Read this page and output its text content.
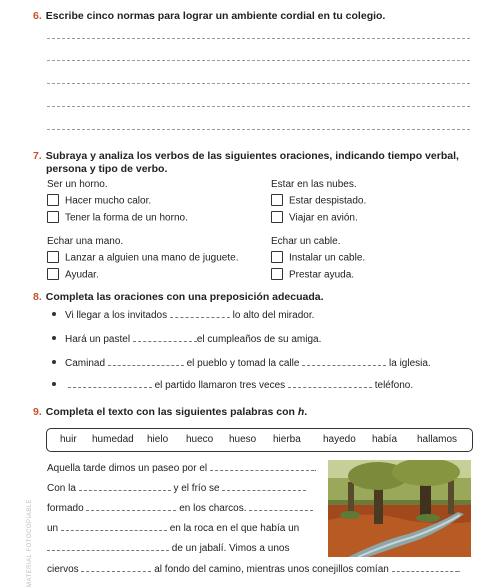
6. Escribe cinco normas para lograr un ambiente cordial en tu colegio.
7. Subraya y analiza los verbos de las siguientes oraciones, indicando tiempo verbal,
persona y tipo de verbo.
Ser un horno.
Hacer mucho calor.
Tener la forma de un horno.
Estar en las nubes.
Estar despistado.
Viajar en avión.
Echar una mano.
Lanzar a alguien una mano de juguete.
Ayudar.
Echar un cable.
Instalar un cable.
Prestar ayuda.
8. Completa las oraciones con una preposición adecuada.
Vi llegar a los invitados	lo alto del mirador.
Hará un pastel	el cumpleaños de su amiga.
Caminad	el pueblo y tomad la calle	la iglesia.
el partido llamaron tres veces	teléfono.
9. Completa el texto con las siguientes palabras con h.
huir humedad hielo hueco hueso hierba hayedo había hallamos
Aquella tarde dimos un paseo por el	.
Con la	y el frío se
formado	en los charcos.
un	en la roca en el que había un
de un jabalí. Vimos a unos
ciervos	al fondo del camino, mientras unos conejillos comían	.
MATERIAL FOTOCOPIABLE
